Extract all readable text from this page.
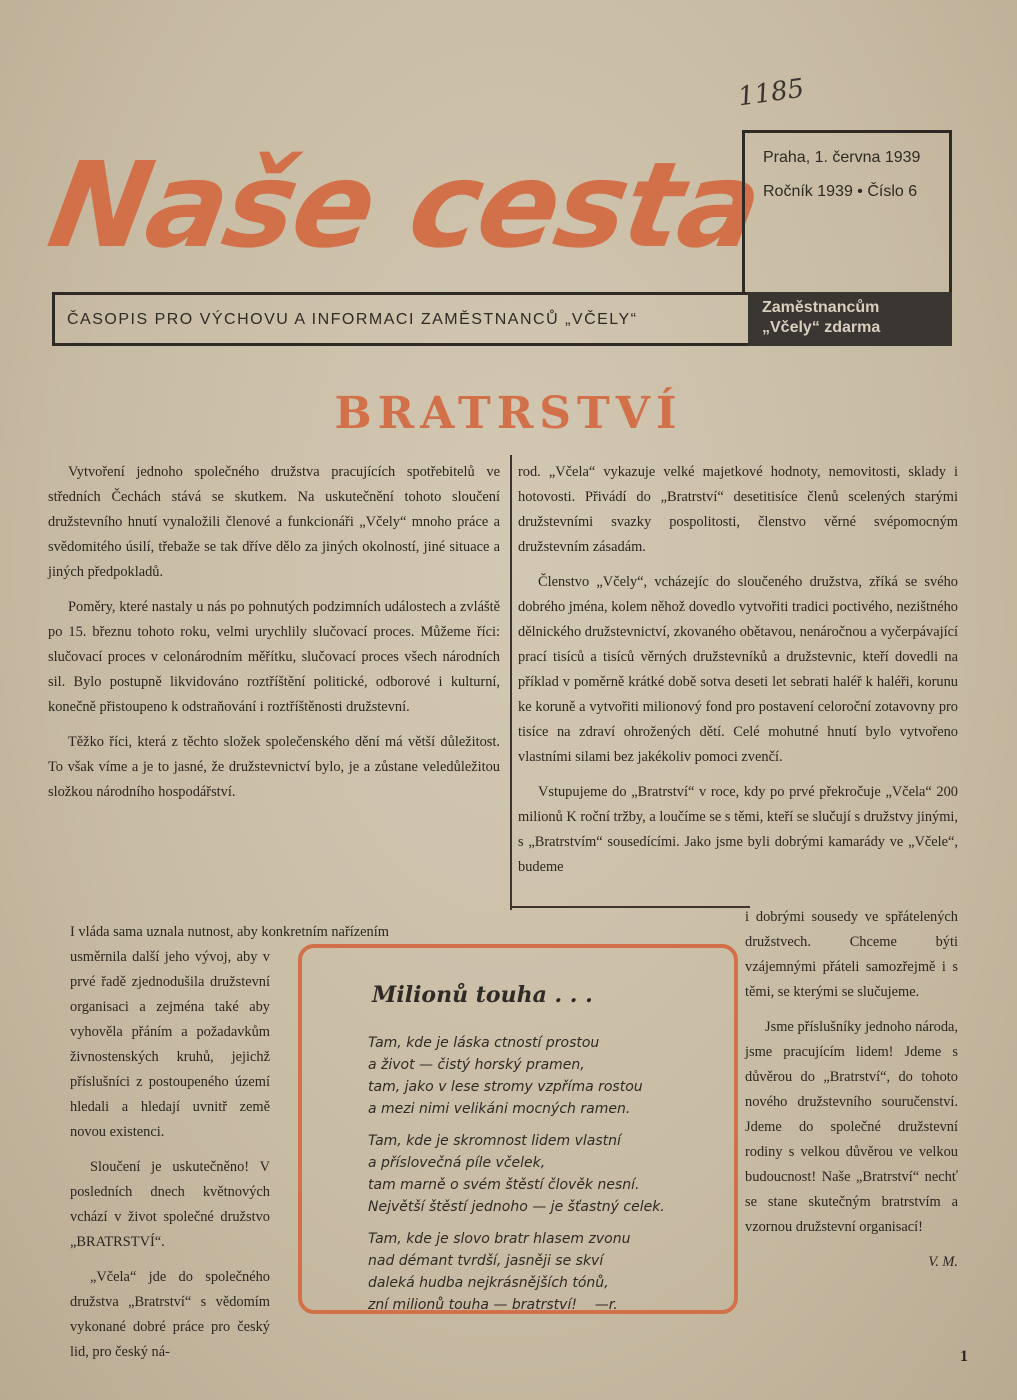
1185
Naše cesta
Praha, 1. června 1939
Ročník 1939 • Číslo 6
ČASOPIS PRO VÝCHOVU A INFORMACI ZAMĚSTNANCŮ „VČELY“
Zaměstnancům
„Včely“ zdarma
BRATRSTVÍ

Vytvoření jednoho společného družstva pracujících spotřebitelů ve středních Čechách stává se skutkem. Na uskutečnění tohoto sloučení družstevního hnutí vynaložili členové a funkcionáři „Včely“ mnoho práce a svědomitého úsilí, třebaže se tak dříve dělo za jiných okolností, jiné situace a jiných předpokladů.

Poměry, které nastaly u nás po pohnutých podzimních událostech a zvláště po 15. březnu tohoto roku, velmi urychlily slučovací proces. Můžeme říci: slučovací proces v celonárodním měřítku, slučovací proces všech národních sil. Bylo postupně likvidováno roztříštění politické, odborové i kulturní, konečně přistoupeno k odstraňování i roztříštěnosti družstevní.

Těžko říci, která z těchto složek společenského dění má větší důležitost. To však víme a je to jasné, že družstevnictví bylo, je a zůstane veledůležitou složkou národního hospodářství.

I vláda sama uznala nutnost, aby konkretním nařízením

usměrnila další jeho vývoj, aby v prvé řadě zjednodušila družstevní organisaci a zejména také aby vyhověla přáním a požadavkům živnostenských kruhů, jejichž příslušníci z postoupeného území hledali a hledají uvnitř země novou existenci.

Sloučení je uskutečněno! V posledních dnech květnových vchází v život společné družstvo „BRATRSTVÍ“.

„Včela“ jde do společného družstva „Bratrství“ s vědomím vykonané dobré práce pro český lid, pro český ná-

rod. „Včela“ vykazuje velké majetkové hodnoty, nemovitosti, sklady i hotovosti. Přivádí do „Bratrství“ desetitisíce členů scelených starými družstevními svazky pospolitosti, členstvo věrné svépomocným družstevním zásadám.

Členstvo „Včely“, vcházejíc do sloučeného družstva, zříká se svého dobrého jména, kolem něhož dovedlo vytvořiti tradici poctivého, nezištného dělnického družstevnictví, zkovaného obětavou, nenáročnou a vyčerpávající prací tisíců a tisíců věrných družstevníků a družstevnic, kteří dovedli na příklad v poměrně krátké době sotva deseti let sebrati haléř k haléři, korunu ke koruně a vytvořiti milionový fond pro postavení celoroční zotavovny pro tisíce na zdraví ohrožených dětí. Celé mohutné hnutí bylo vytvořeno vlastními silami bez jakékoliv pomoci zvenčí.

Vstupujeme do „Bratrství“ v roce, kdy po prvé překročuje „Včela“ 200 milionů K roční tržby, a loučíme se s těmi, kteří se slučují s družstvy jinými, s „Bratrstvím“ sousedícími. Jako jsme byli dobrými kamarády ve „Včele“, budeme

i dobrými sousedy ve spřátelených družstvech. Chceme býti vzájemnými přáteli samozřejmě i s těmi, se kterými se slučujeme.

Jsme příslušníky jednoho národa, jsme pracujícím lidem! Jdeme s důvěrou do „Bratrství“, do tohoto nového družstevního souručenství. Jdeme do společné družstevní rodiny s velkou důvěrou ve velkou budoucnost! Naše „Bratrství“ nechť se stane skutečným bratrstvím a vzornou družstevní organisací!

V. M.

Milionů touha . . .
Tam, kde je láska ctností prostou
a život — čistý horský pramen,
tam, jako v lese stromy vzpříma rostou
a mezi nimi velikáni mocných ramen.
Tam, kde je skromnost lidem vlastní
a příslovečná píle včelek,
tam marně o svém štěstí člověk nesní.
Největší štěstí jednoho — je šťastný celek.
Tam, kde je slovo bratr hlasem zvonu
nad démant tvrdší, jasněji se skví
daleká hudba nejkrásnějších tónů,
zní milionů touha — bratrství! —r.
1
